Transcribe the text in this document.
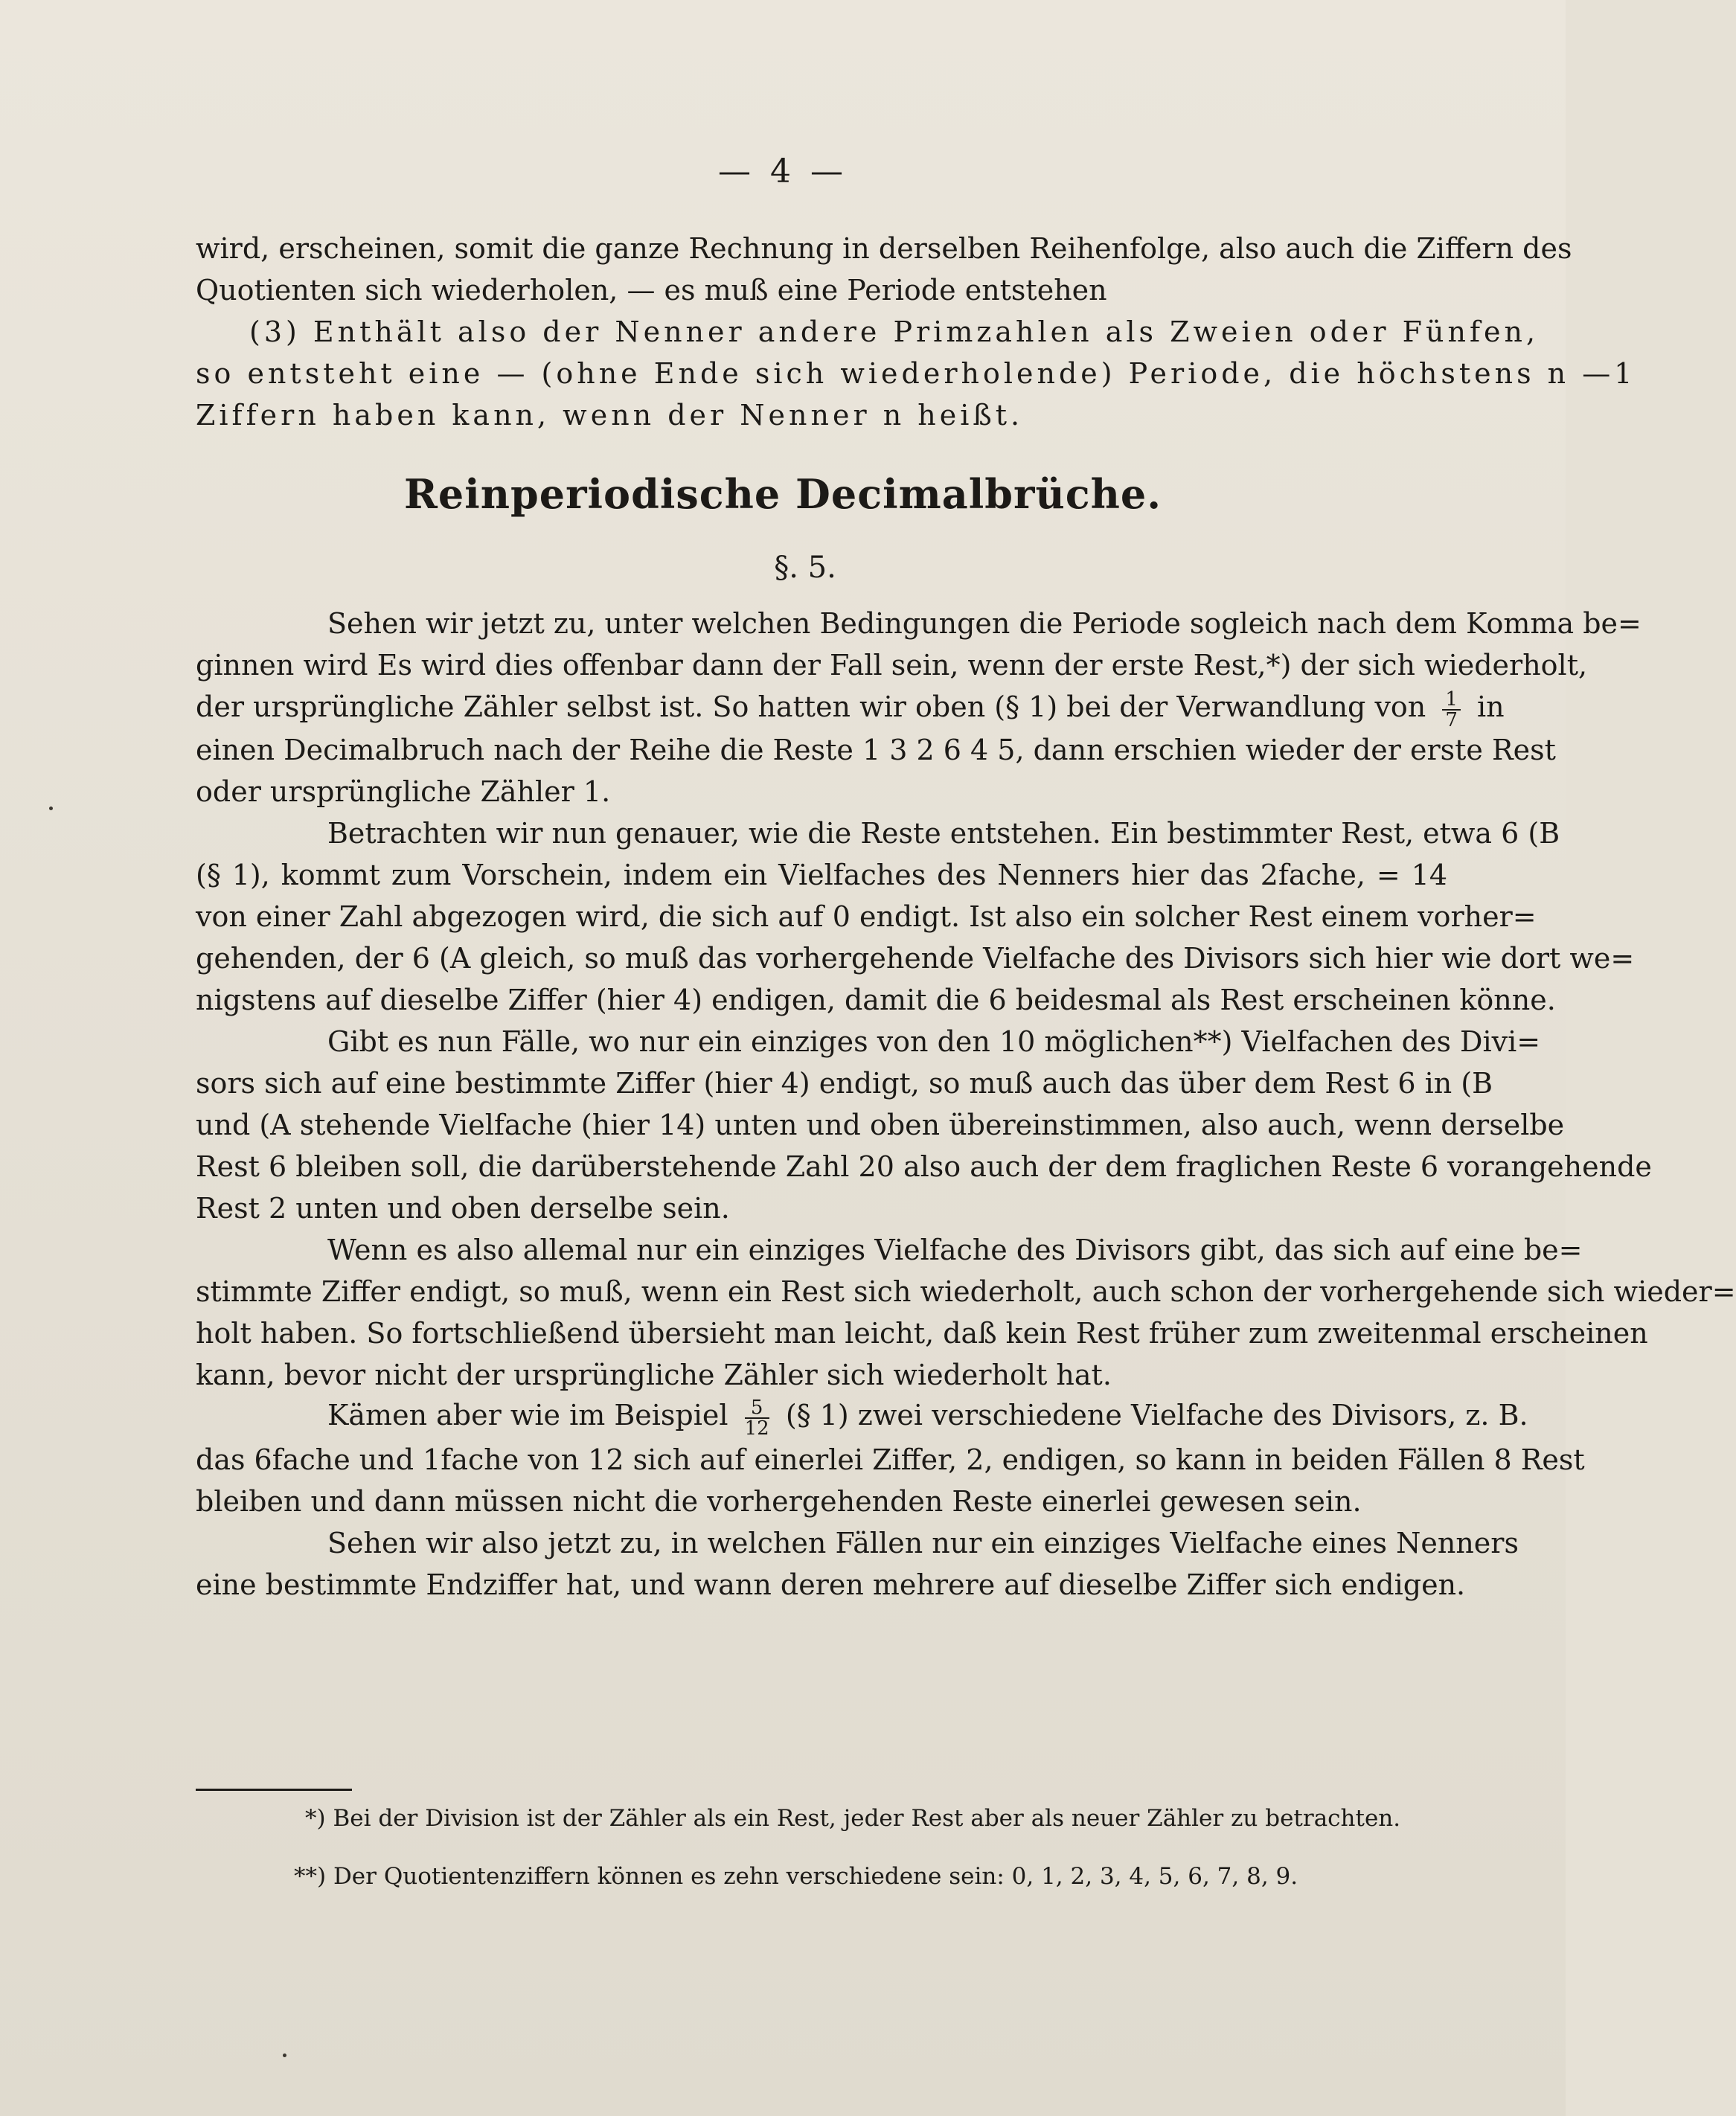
— 4 —
wird, erscheinen, somit die ganze Rechnung in derselben Reihenfolge, also auch die Ziffern des
Quotienten sich wiederholen, — es muß eine Periode entstehen
(3) Enthält also der Nenner andere Primzahlen als Zweien oder Fünfen,
so entsteht eine — (ohne Ende sich wiederholende) Periode, die höchstens n —1
Ziffern haben kann, wenn der Nenner n heißt.
Reinperiodische Decimalbrüche.
§. 5.
Sehen wir jetzt zu, unter welchen Bedingungen die Periode sogleich nach dem Komma be=
ginnen wird Es wird dies offenbar dann der Fall sein, wenn der erste Rest,*) der sich wiederholt,
der ursprüngliche Zähler selbst ist. So hatten wir oben (§ 1) bei der Verwandlung von $\frac{1}{7}$ in
einen Decimalbruch nach der Reihe die Reste 1 3 2 6 4 5, dann erschien wieder der erste Rest
oder ursprüngliche Zähler 1.
Betrachten wir nun genauer, wie die Reste entstehen. Ein bestimmter Rest, etwa 6 (B
(§ 1), kommt zum Vorschein, indem ein Vielfaches des Nenners hier das 2fache, = 14
von einer Zahl abgezogen wird, die sich auf 0 endigt. Ist also ein solcher Rest einem vorher=
gehenden, der 6 (A gleich, so muß das vorhergehende Vielfache des Divisors sich hier wie dort we=
nigstens auf dieselbe Ziffer (hier 4) endigen, damit die 6 beidesmal als Rest erscheinen könne.
Gibt es nun Fälle, wo nur ein einziges von den 10 möglichen**) Vielfachen des Divi=
sors sich auf eine bestimmte Ziffer (hier 4) endigt, so muß auch das über dem Rest 6 in (B
und (A stehende Vielfache (hier 14) unten und oben übereinstimmen, also auch, wenn derselbe
Rest 6 bleiben soll, die darüberstehende Zahl 20 also auch der dem fraglichen Reste 6 vorangehende
Rest 2 unten und oben derselbe sein.
Wenn es also allemal nur ein einziges Vielfache des Divisors gibt, das sich auf eine be=
stimmte Ziffer endigt, so muß, wenn ein Rest sich wiederholt, auch schon der vorhergehende sich wieder=
holt haben. So fortschließend übersieht man leicht, daß kein Rest früher zum zweitenmal erscheinen
kann, bevor nicht der ursprüngliche Zähler sich wiederholt hat.
Kämen aber wie im Beispiel $\frac{5}{12}$ (§ 1) zwei verschiedene Vielfache des Divisors, z. B.
das 6fache und 1fache von 12 sich auf einerlei Ziffer, 2, endigen, so kann in beiden Fällen 8 Rest
bleiben und dann müssen nicht die vorhergehenden Reste einerlei gewesen sein.
Sehen wir also jetzt zu, in welchen Fällen nur ein einziges Vielfache eines Nenners
eine bestimmte Endziffer hat, und wann deren mehrere auf dieselbe Ziffer sich endigen.
*) Bei der Division ist der Zähler als ein Rest, jeder Rest aber als neuer Zähler zu betrachten.
**) Der Quotientenziffern können es zehn verschiedene sein: 0, 1, 2, 3, 4, 5, 6, 7, 8, 9.
